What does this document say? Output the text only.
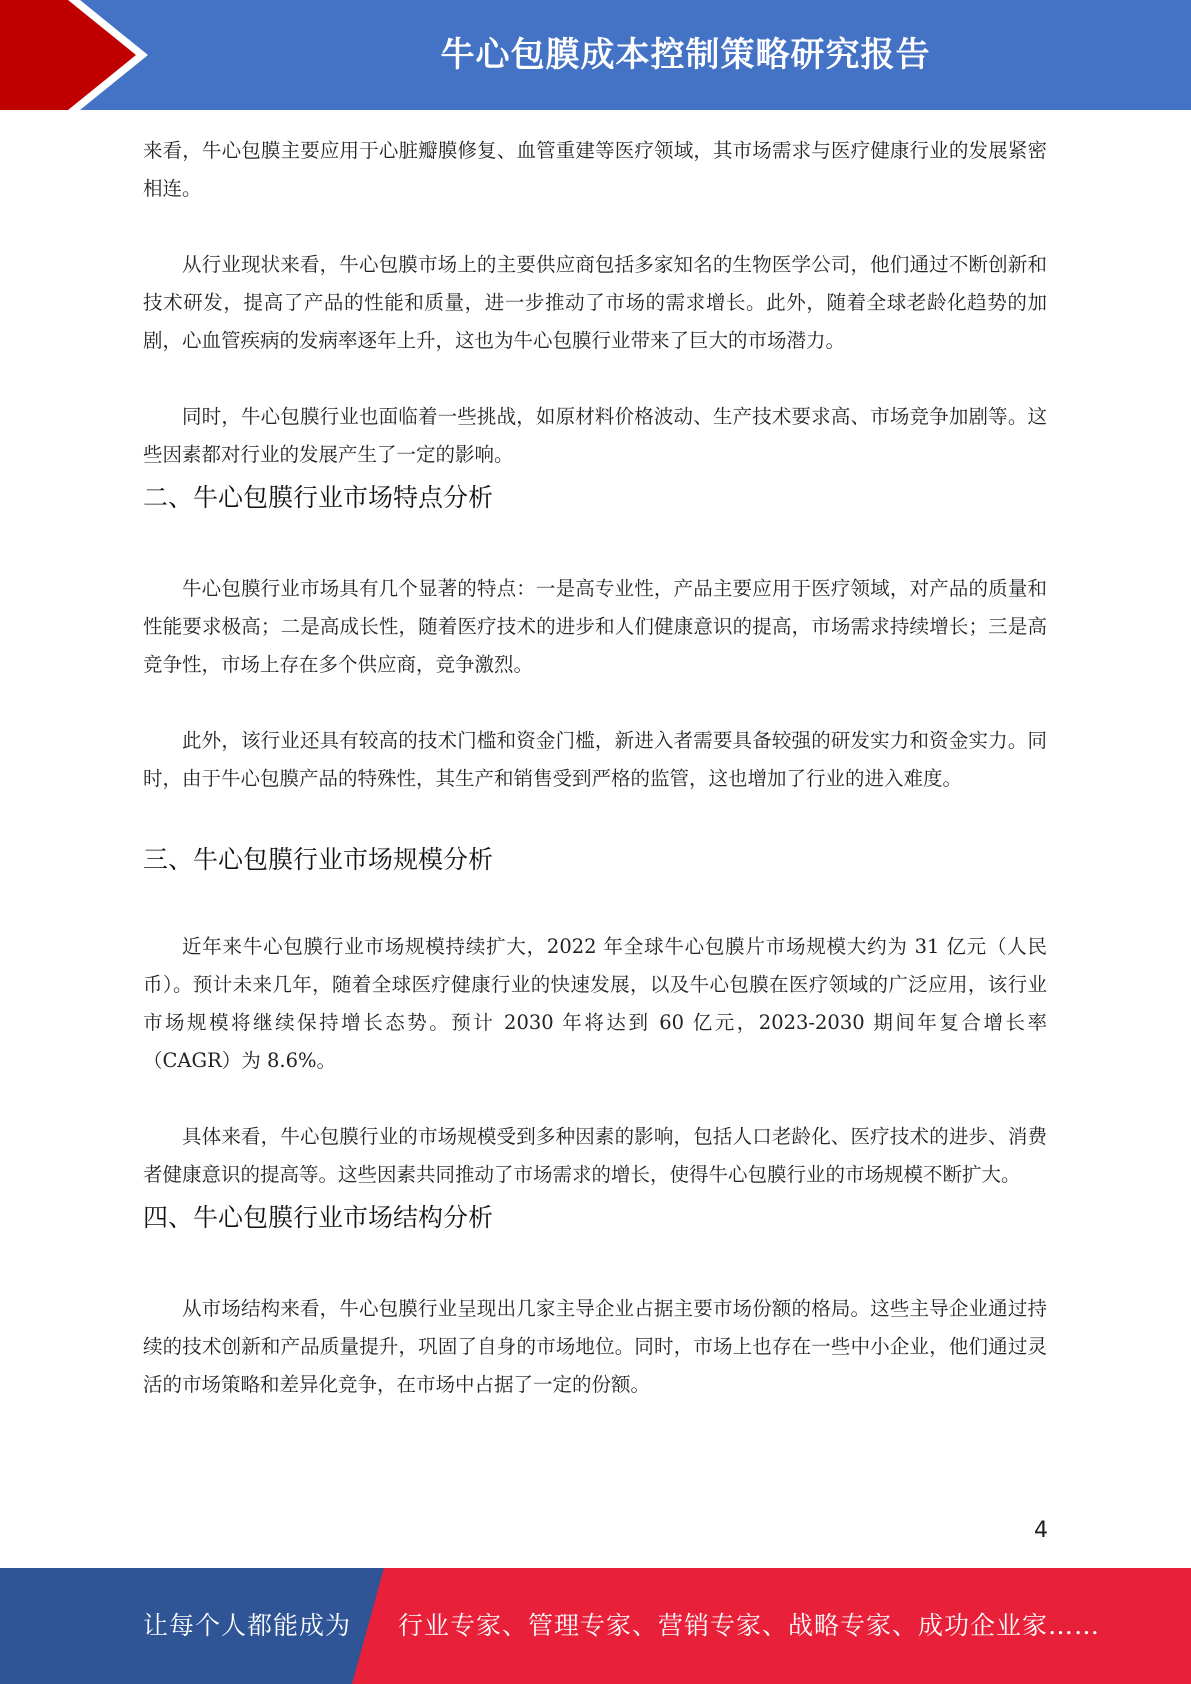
牛心包膜成本控制策略研究报告

来看，牛心包膜主要应用于心脏瓣膜修复、血管重建等医疗领域，其市场需求与医疗健康行业的发展紧密相连。

从行业现状来看，牛心包膜市场上的主要供应商包括多家知名的生物医学公司，他们通过不断创新和技术研发，提高了产品的性能和质量，进一步推动了市场的需求增长。此外，随着全球老龄化趋势的加剧，心血管疾病的发病率逐年上升，这也为牛心包膜行业带来了巨大的市场潜力。

同时，牛心包膜行业也面临着一些挑战，如原材料价格波动、生产技术要求高、市场竞争加剧等。这些因素都对行业的发展产生了一定的影响。

二、牛心包膜行业市场特点分析

牛心包膜行业市场具有几个显著的特点：一是高专业性，产品主要应用于医疗领域，对产品的质量和性能要求极高；二是高成长性，随着医疗技术的进步和人们健康意识的提高，市场需求持续增长；三是高竞争性，市场上存在多个供应商，竞争激烈。

此外，该行业还具有较高的技术门槛和资金门槛，新进入者需要具备较强的研发实力和资金实力。同时，由于牛心包膜产品的特殊性，其生产和销售受到严格的监管，这也增加了行业的进入难度。

三、牛心包膜行业市场规模分析

近年来牛心包膜行业市场规模持续扩大，2022 年全球牛心包膜片市场规模大约为 31 亿元（人民币）。预计未来几年，随着全球医疗健康行业的快速发展，以及牛心包膜在医疗领域的广泛应用，该行业市场规模将继续保持增长态势。预计 2030 年将达到 60 亿元，2023-2030 期间年复合增长率（CAGR）为 8.6%。

具体来看，牛心包膜行业的市场规模受到多种因素的影响，包括人口老龄化、医疗技术的进步、消费者健康意识的提高等。这些因素共同推动了市场需求的增长，使得牛心包膜行业的市场规模不断扩大。

四、牛心包膜行业市场结构分析

从市场结构来看，牛心包膜行业呈现出几家主导企业占据主要市场份额的格局。这些主导企业通过持续的技术创新和产品质量提升，巩固了自身的市场地位。同时，市场上也存在一些中小企业，他们通过灵活的市场策略和差异化竞争，在市场中占据了一定的份额。

4
让每个人都能成为 行业专家、管理专家、营销专家、战略专家、成功企业家……
